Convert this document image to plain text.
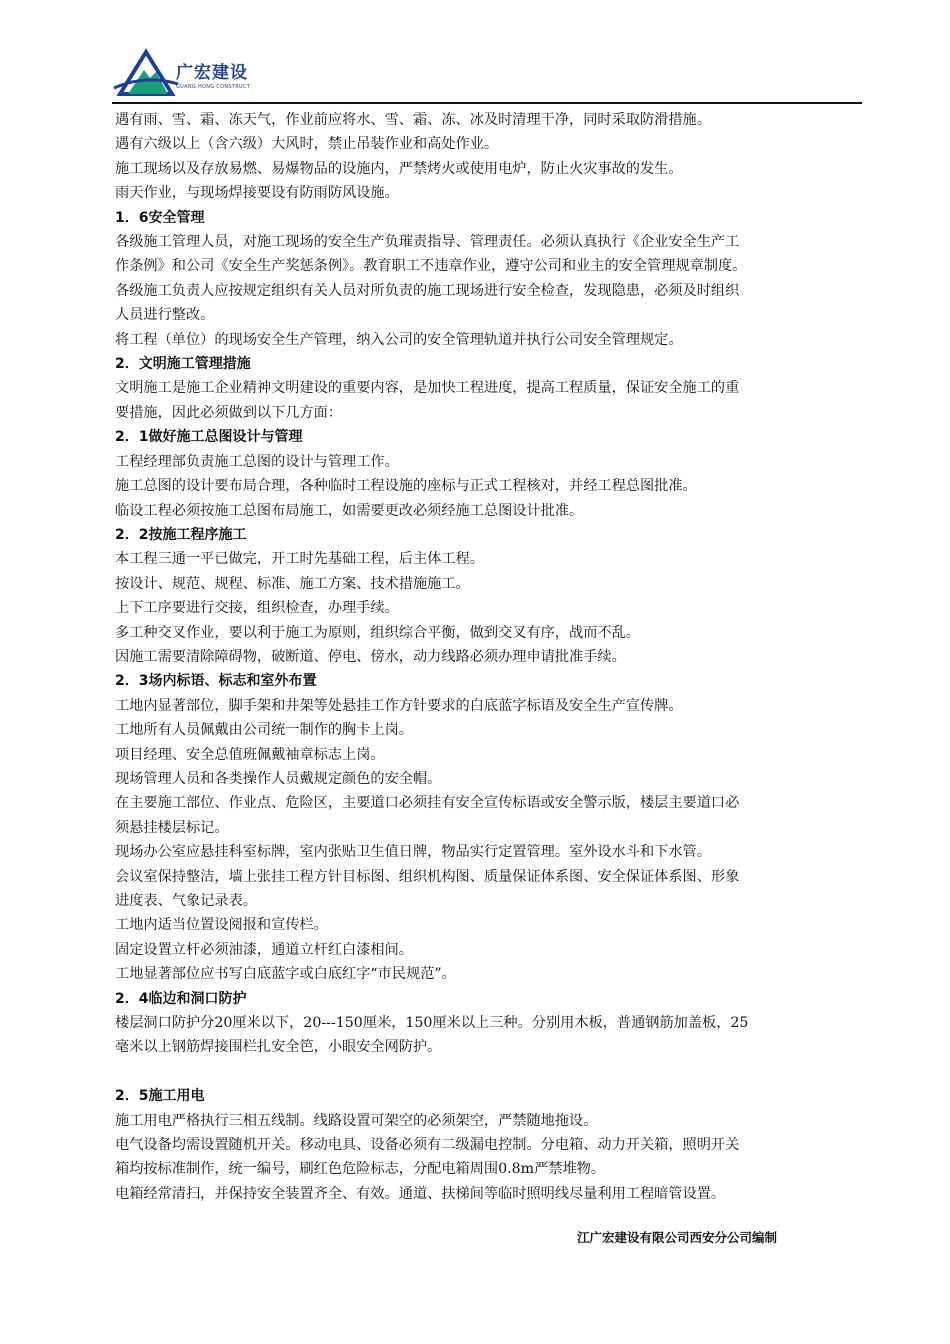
广宏建设
GUANG HONG CONSTRUCT

遇有雨、雪、霜、冻天气，作业前应将水、雪、霜、冻、冰及时清理干净，同时采取防滑措施。

遇有六级以上（含六级）大风时，禁止吊装作业和高处作业。

施工现场以及存放易燃、易爆物品的设施内，严禁烤火或使用电炉，防止火灾事故的发生。

雨天作业，与现场焊接要设有防雨防风设施。

1．6安全管理

各级施工管理人员，对施工现场的安全生产负璀责指导、管理责任。必须认真执行《企业安全生产工

作条例》和公司《安全生产奖惩条例》。教育职工不违章作业，遵守公司和业主的安全管理规章制度。

各级施工负责人应按规定组织有关人员对所负责的施工现场进行安全检查，发现隐患，必须及时组织

人员进行整改。

将工程（单位）的现场安全生产管理，纳入公司的安全管理轨道并执行公司安全管理规定。

2．文明施工管理措施

文明施工是施工企业精神文明建设的重要内容，是加快工程进度，提高工程质量，保证安全施工的重

要措施，因此必须做到以下几方面：

2．1做好施工总图设计与管理

工程经理部负责施工总图的设计与管理工作。

施工总图的设计要布局合理，各种临时工程设施的座标与正式工程核对，并经工程总图批准。

临设工程必须按施工总图布局施工，如需要更改必须经施工总图设计批准。

2．2按施工程序施工

本工程三通一平已做完，开工时先基础工程，后主体工程。

按设计、规范、规程、标准、施工方案、技术措施施工。

上下工序要进行交接，组织检查，办理手续。

多工种交叉作业，要以利于施工为原则，组织综合平衡，做到交叉有序，战而不乱。

因施工需要清除障碍物，破断道、停电、傍水，动力线路必须办理申请批准手续。

2．3场内标语、标志和室外布置

工地内显著部位，脚手架和井架等处悬挂工作方针要求的白底蓝字标语及安全生产宣传牌。

工地所有人员佩戴由公司统一制作的胸卡上岗。

项目经理、安全总值班佩戴袖章标志上岗。

现场管理人员和各类操作人员戴规定颜色的安全帽。

在主要施工部位、作业点、危险区，主要道口必须挂有安全宣传标语或安全警示版，楼层主要道口必

须悬挂楼层标记。

现场办公室应悬挂科室标牌，室内张贴卫生值日牌，物品实行定置管理。室外设水斗和下水管。

会议室保持整洁，墙上张挂工程方针目标图、组织机构图、质量保证体系图、安全保证体系图、形象

进度表、气象记录表。

工地内适当位置设阅报和宣传栏。

固定设置立杆必须油漆，通道立杆红白漆相间。

工地显著部位应书写白底蓝字或白底红字“市民规范”。

2．4临边和洞口防护

楼层洞口防护分20厘米以下，20---150厘米，150厘米以上三种。分别用木板，普通钢筋加盖板，25

毫米以上钢筋焊接围栏扎安全笆，小眼安全网防护。

2．5施工用电

施工用电严格执行三相五线制。线路设置可架空的必须架空，严禁随地拖设。

电气设备均需设置随机开关。移动电具、设备必须有二级漏电控制。分电箱、动力开关箱，照明开关

箱均按标准制作，统一编号，刷红色危险标志，分配电箱周围0.8m严禁堆物。

电箱经常清扫，并保持安全装置齐全、有效。通道、扶梯间等临时照明线尽量利用工程暗管设置。

江广宏建设有限公司西安分公司编制
